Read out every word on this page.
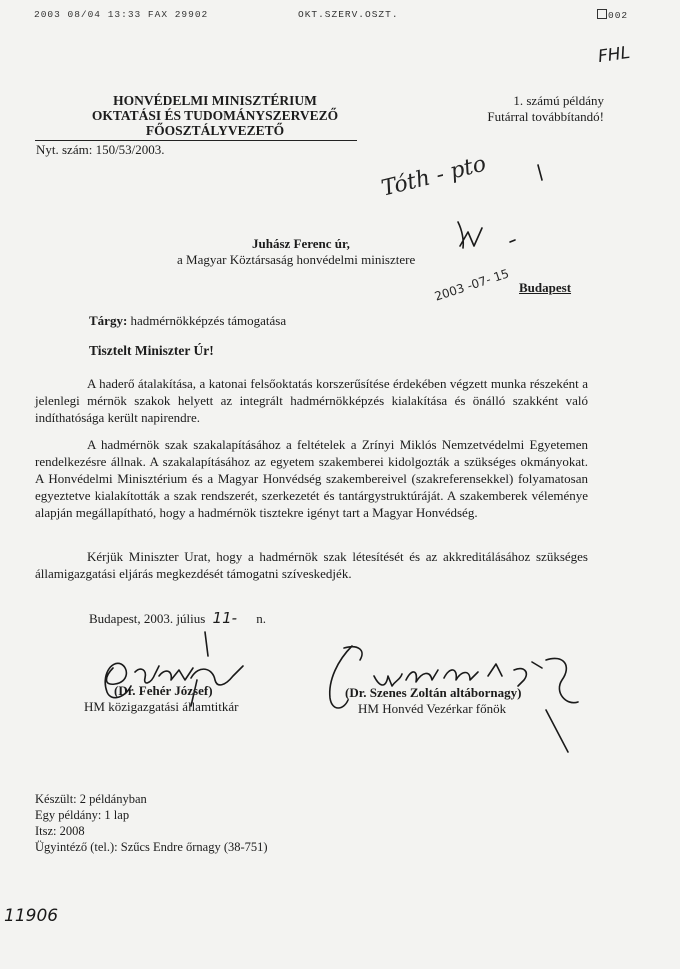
2003 08/04 13:33 FAX 29902	OKT.SZERV.OSZT.	002
FHL
HONVÉDELMI MINISZTÉRIUM
OKTATÁSI ÉS TUDOMÁNYSZERVEZŐ
FŐOSZTÁLYVEZETŐ
Nyt. szám: 150/53/2003.
1. számú példány
Futárral továbbítandó!
Tóth - pto
Juhász Ferenc úr,
a Magyar Köztársaság honvédelmi minisztere
2003 -07- 15 Budapest
Tárgy: hadmérnökképzés támogatása
Tisztelt Miniszter Úr!

A haderő átalakítása, a katonai felsőoktatás korszerűsítése érdekében végzett munka részeként a jelenlegi mérnök szakok helyett az integrált hadmérnökképzés kialakítása és önálló szakként való indíthatósága került napirendre.

A hadmérnök szak szakalapításához a feltételek a Zrínyi Miklós Nemzetvédelmi Egyetemen rendelkezésre állnak. A szakalapításához az egyetem szakemberei kidolgozták a szükséges okmányokat. A Honvédelmi Minisztérium és a Magyar Honvédség szakembereivel (szakreferensekkel) folyamatosan egyeztetve kialakították a szak rendszerét, szerkezetét és tantárgystruktúráját. A szakemberek véleménye alapján megállapítható, hogy a hadmérnök tisztekre igényt tart a Magyar Honvédség.

Kérjük Miniszter Urat, hogy a hadmérnök szak létesítését és az akkreditálásához szükséges államigazgatási eljárás megkezdését támogatni szíveskedjék.

Budapest, 2003. július 11- n.
(Dr. Fehér József)
HM közigazgatási államtitkár
(Dr. Szenes Zoltán altábornagy)
HM Honvéd Vezérkar főnök
Készült: 2 példányban
Egy példány: 1 lap
Itsz: 2008
Ügyintéző (tel.): Szűcs Endre őrnagy (38-751)
11906
